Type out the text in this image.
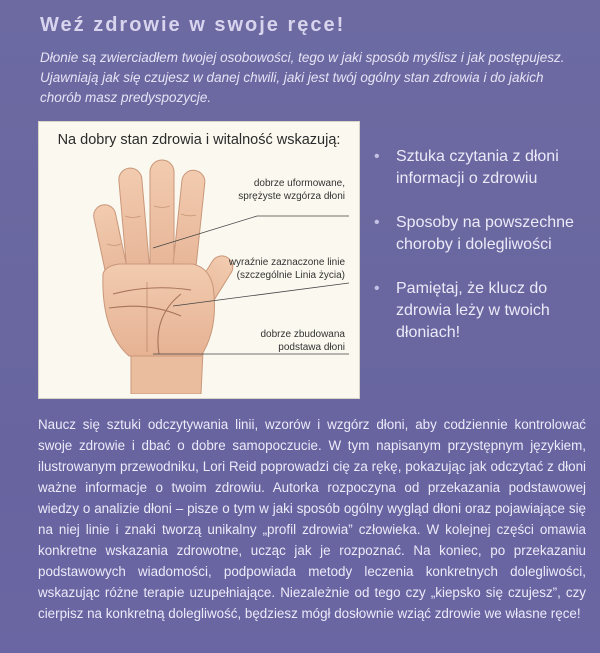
Weź zdrowie w swoje ręce!
Dłonie są zwierciadłem twojej osobowości, tego w jaki sposób myślisz i jak postępujesz. Ujawniają jak się czujesz w danej chwili, jaki jest twój ogólny stan zdrowia i do jakich chorób masz predyspozycje.
Na dobry stan zdrowia i witalność wskazują:
dobrze uformowane,
sprężyste wzgórza dłoni
wyraźnie zaznaczone linie
(szczególnie Linia życia)
dobrze zbudowana
podstawa dłoni
• Sztuka czytania z dłoni informacji o zdrowiu
• Sposoby na powszechne choroby i dolegliwości
• Pamiętaj, że klucz do zdrowia leży w twoich dłoniach!
Naucz się sztuki odczytywania linii, wzorów i wzgórz dłoni, aby codziennie kontrolować swoje zdrowie i dbać o dobre samopoczucie. W tym napisanym przystępnym językiem, ilustrowanym przewodniku, Lori Reid poprowadzi cię za rękę, pokazując jak odczytać z dłoni ważne informacje o twoim zdrowiu. Autorka rozpoczyna od przekazania podstawowej wiedzy o analizie dłoni – pisze o tym w jaki sposób ogólny wygląd dłoni oraz pojawiające się na niej linie i znaki tworzą unikalny „profil zdrowia” człowieka. W kolejnej części omawia konkretne wskazania zdrowotne, ucząc jak je rozpoznać. Na koniec, po przekazaniu podstawowych wiadomości, podpowiada metody leczenia konkretnych dolegliwości, wskazując różne terapie uzupełniające. Niezależnie od tego czy „kiepsko się czujesz”, czy cierpisz na konkretną dolegliwość, będziesz mógł dosłownie wziąć zdrowie we własne ręce!
